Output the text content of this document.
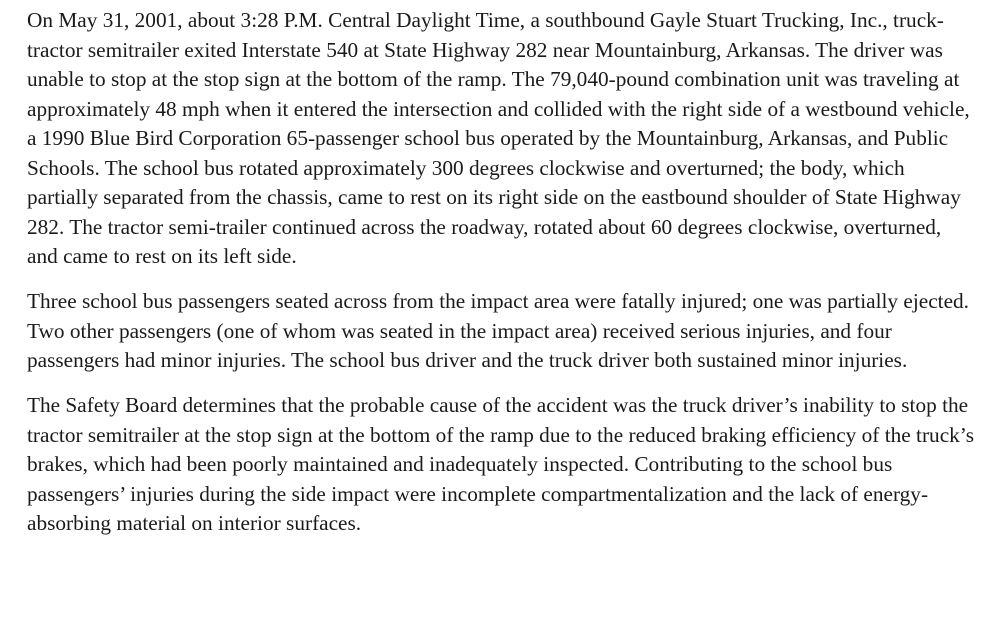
On May 31, 2001, about 3:28 P.M. Central Daylight Time, a southbound Gayle Stuart Trucking, Inc., truck-tractor semitrailer exited Interstate 540 at State Highway 282 near Mountainburg, Arkansas. The driver was unable to stop at the stop sign at the bottom of the ramp. The 79,040-pound combination unit was traveling at approximately 48 mph when it entered the intersection and collided with the right side of a westbound vehicle, a 1990 Blue Bird Corporation 65-passenger school bus operated by the Mountainburg, Arkansas, and Public Schools. The school bus rotated approximately 300 degrees clockwise and overturned; the body, which partially separated from the chassis, came to rest on its right side on the eastbound shoulder of State Highway 282. The tractor semi-trailer continued across the roadway, rotated about 60 degrees clockwise, overturned, and came to rest on its left side.

Three school bus passengers seated across from the impact area were fatally injured; one was partially ejected. Two other passengers (one of whom was seated in the impact area) received serious injuries, and four passengers had minor injuries. The school bus driver and the truck driver both sustained minor injuries.

The Safety Board determines that the probable cause of the accident was the truck driver’s inability to stop the tractor semitrailer at the stop sign at the bottom of the ramp due to the reduced braking efficiency of the truck’s brakes, which had been poorly maintained and inadequately inspected. Contributing to the school bus passengers’ injuries during the side impact were incomplete compartmentalization and the lack of energy-absorbing material on interior surfaces.
